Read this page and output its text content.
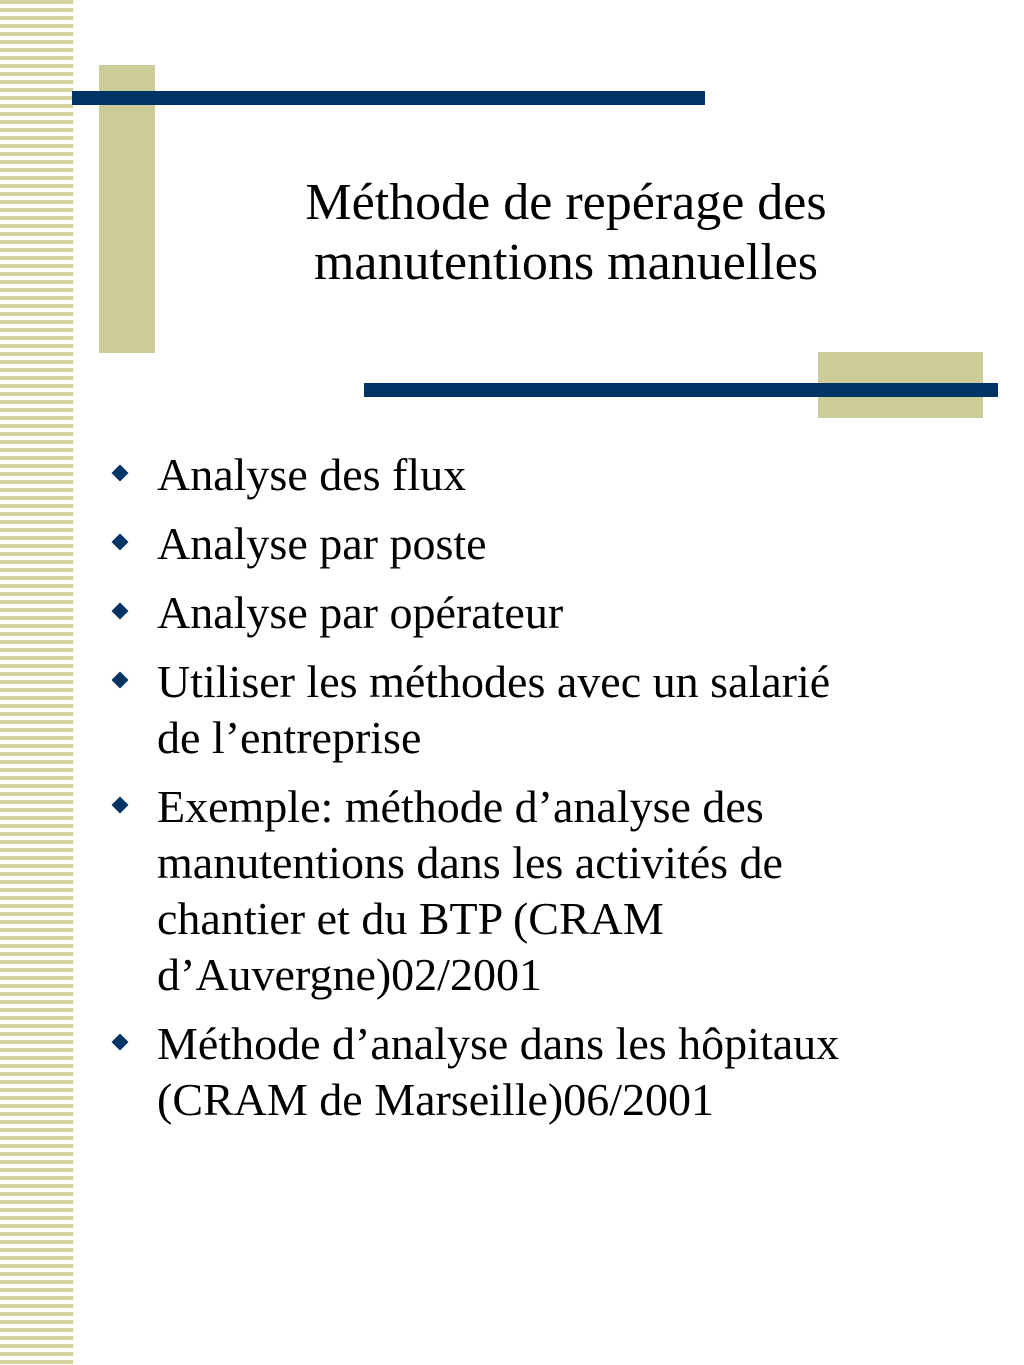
Méthode de repérage des
manutentions manuelles
Analyse des flux
Analyse par poste
Analyse par opérateur
Utiliser les méthodes avec un salarié
de l’entreprise
Exemple: méthode d’analyse des
manutentions dans les activités de
chantier et du BTP (CRAM
d’Auvergne)02/2001
Méthode d’analyse dans les hôpitaux
(CRAM de Marseille)06/2001
